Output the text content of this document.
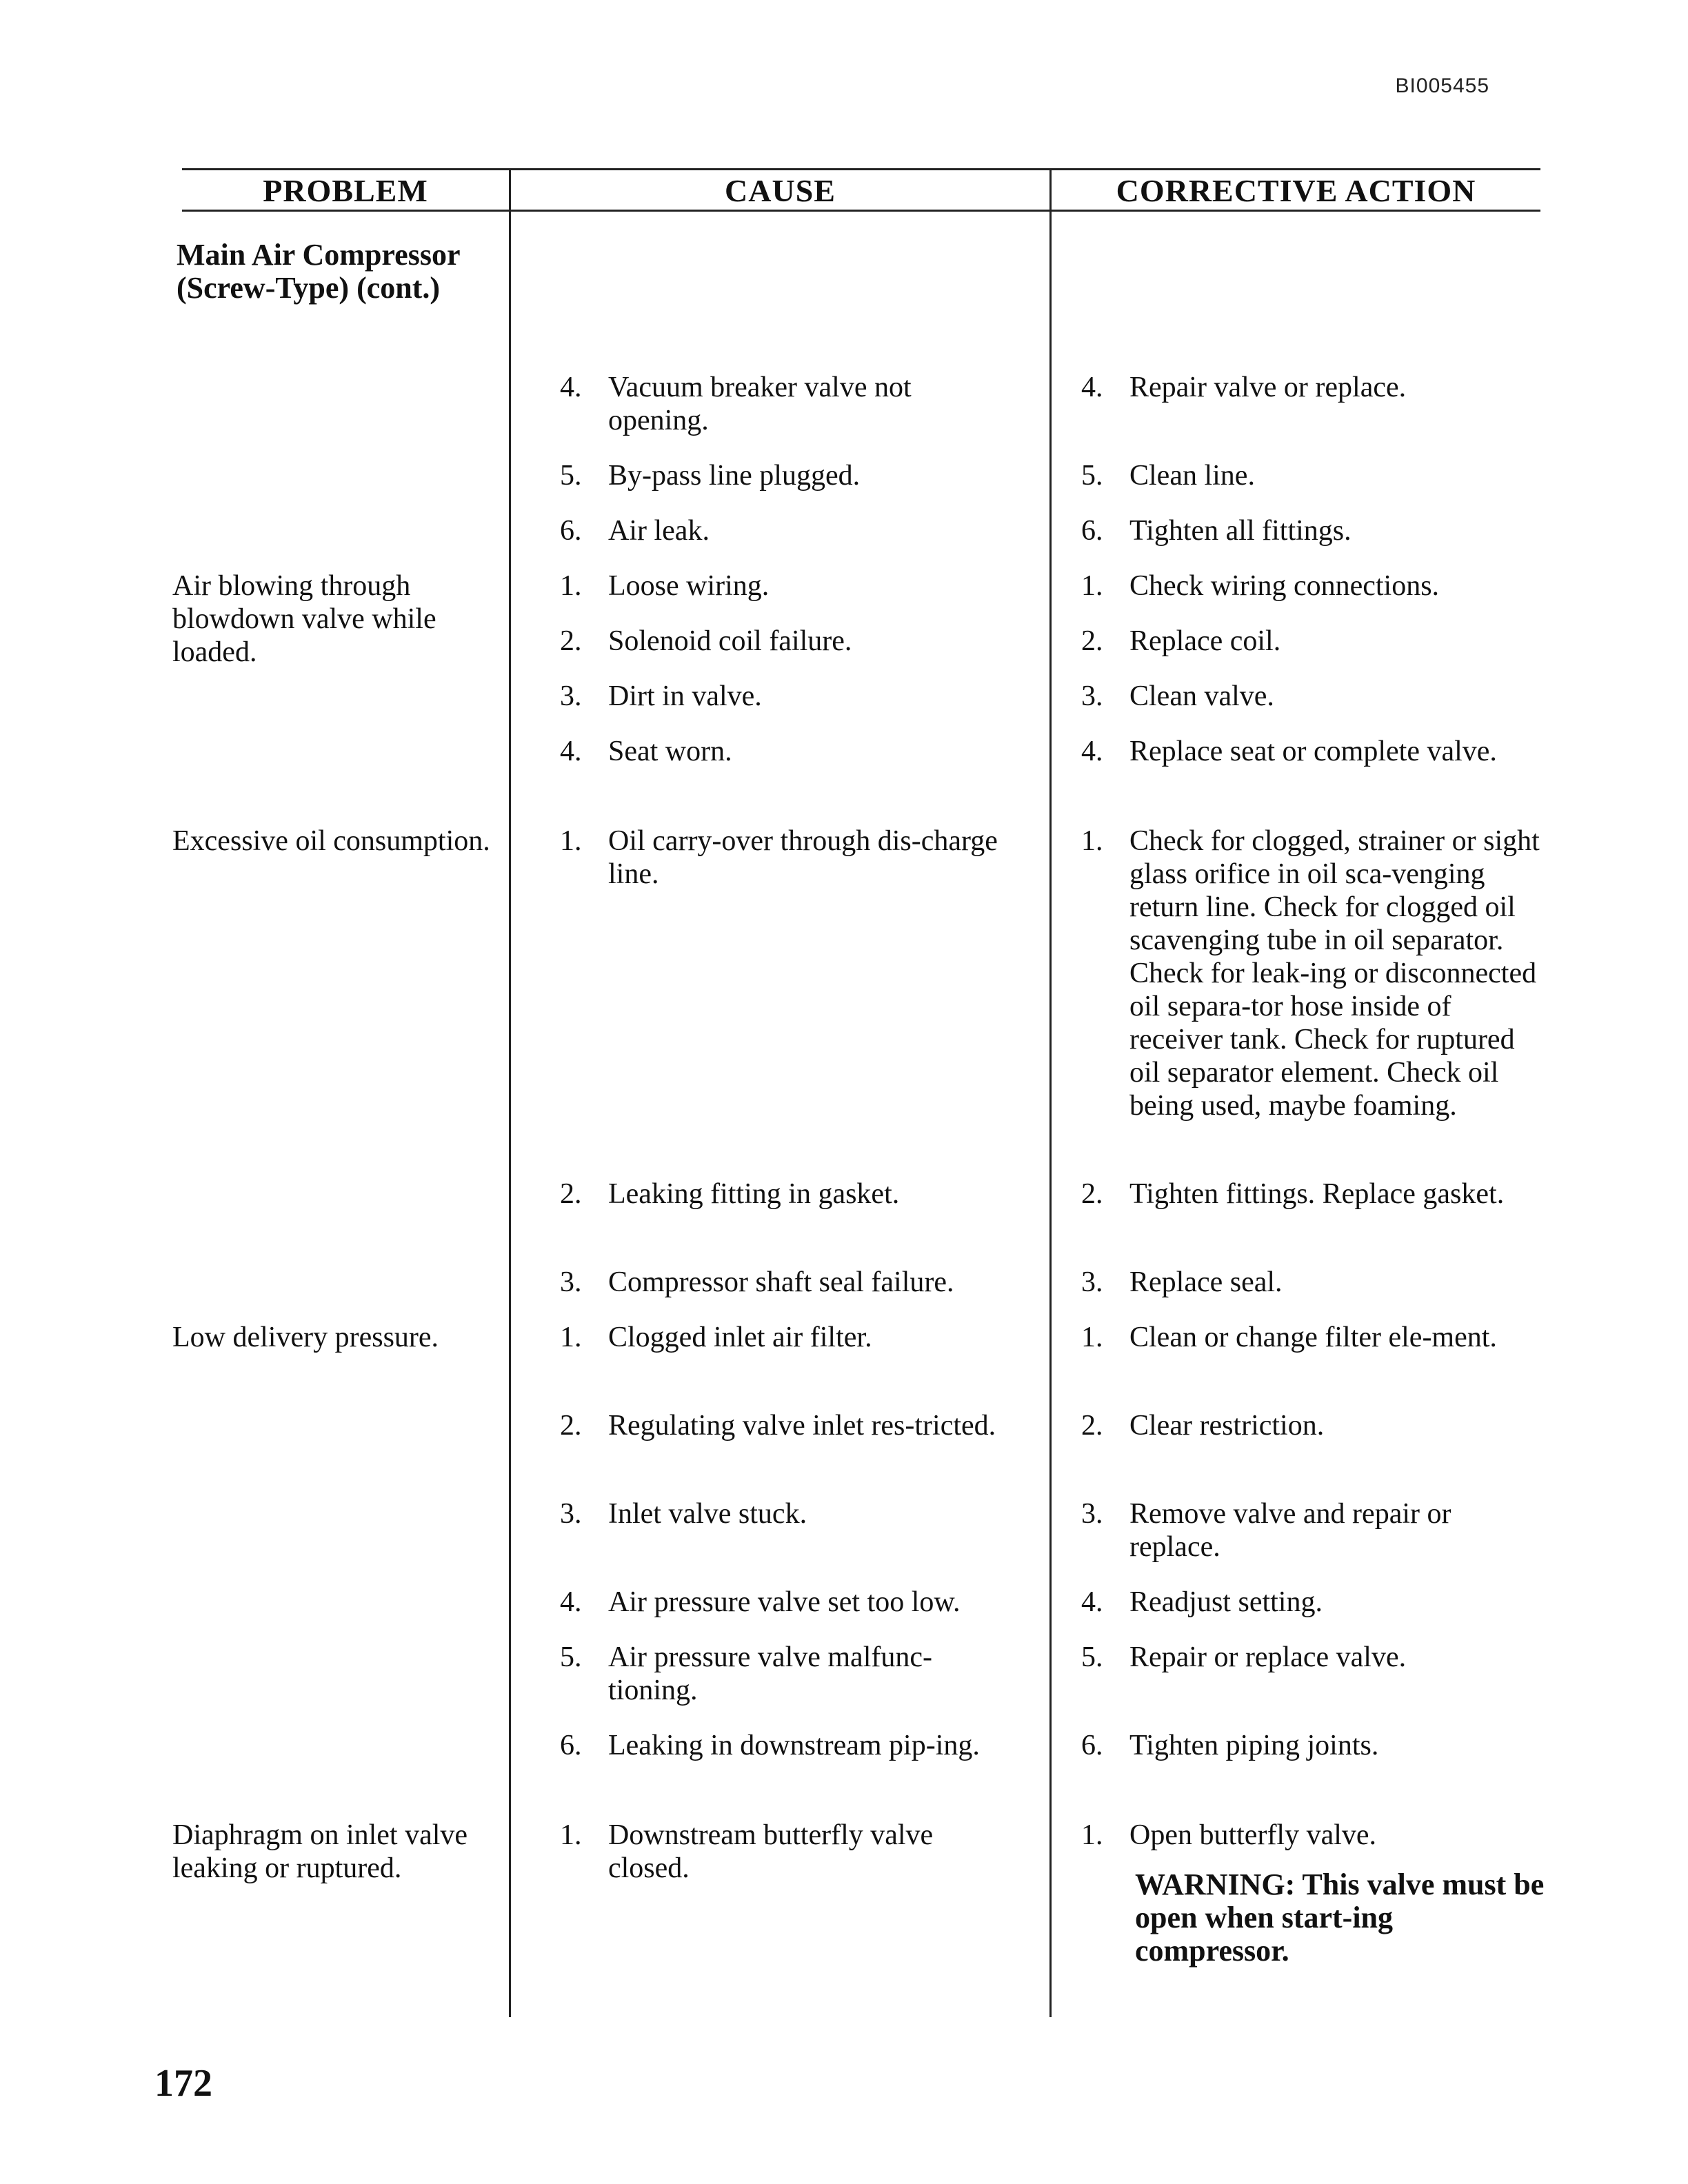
BI005455
PROBLEM	CAUSE	CORRECTIVE ACTION
Main Air Compressor (Screw-Type) (cont.)
Air blowing through blowdown valve while loaded.
Excessive oil consumption.
Low delivery pressure.
Diaphragm on inlet valve leaking or ruptured.
4. Vacuum breaker valve not opening.
5. By-pass line plugged.
6. Air leak.
1. Loose wiring.
2. Solenoid coil failure.
3. Dirt in valve.
4. Seat worn.
1. Oil carry-over through dis-charge line.
2. Leaking fitting in gasket.
3. Compressor shaft seal failure.
1. Clogged inlet air filter.
2. Regulating valve inlet res-tricted.
3. Inlet valve stuck.
4. Air pressure valve set too low.
5. Air pressure valve malfunc-tioning.
6. Leaking in downstream pip-ing.
1. Downstream butterfly valve closed.
4. Repair valve or replace.
5. Clean line.
6. Tighten all fittings.
1. Check wiring connections.
2. Replace coil.
3. Clean valve.
4. Replace seat or complete valve.
1. Check for clogged, strainer or sight glass orifice in oil sca-venging return line. Check for clogged oil scavenging tube in oil separator. Check for leak-ing or disconnected oil separa-tor hose inside of receiver tank. Check for ruptured oil separator element. Check oil being used, maybe foaming.
2. Tighten fittings. Replace gasket.
3. Replace seal.
1. Clean or change filter ele-ment.
2. Clear restriction.
3. Remove valve and repair or replace.
4. Readjust setting.
5. Repair or replace valve.
6. Tighten piping joints.
1. Open butterfly valve.
WARNING: This valve must be open when start-ing compressor.
172
